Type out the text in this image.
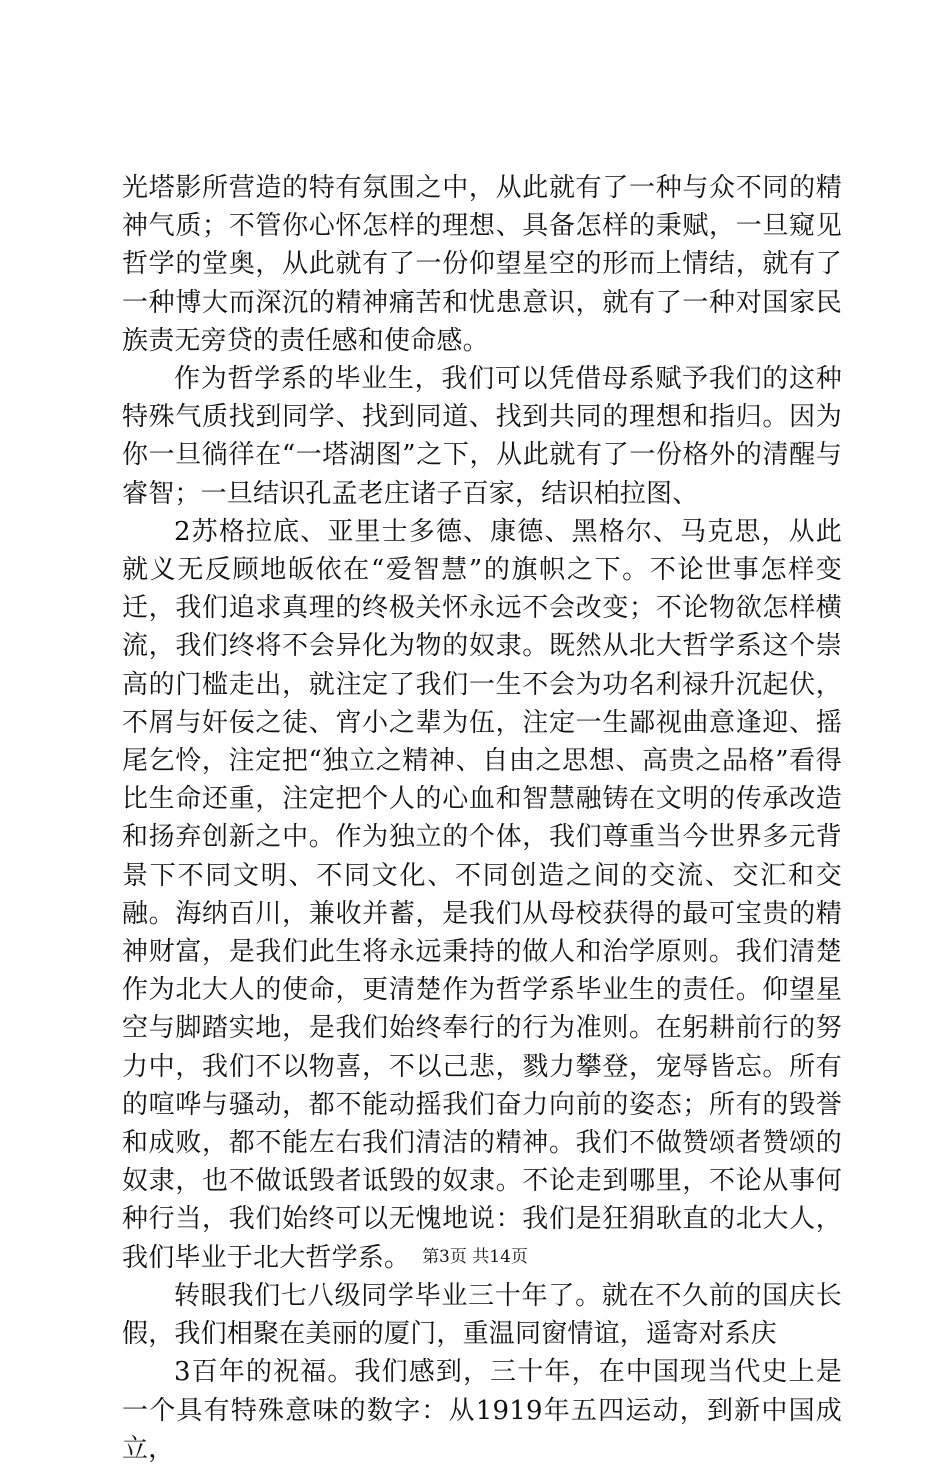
光塔影所营造的特有氛围之中，从此就有了一种与众不同的精神气质；不管你心怀怎样的理想、具备怎样的秉赋，一旦窥见哲学的堂奥，从此就有了一份仰望星空的形而上情结，就有了一种博大而深沉的精神痛苦和忧患意识，就有了一种对国家民族责无旁贷的责任感和使命感。

作为哲学系的毕业生，我们可以凭借母系赋予我们的这种特殊气质找到同学、找到同道、找到共同的理想和指归。因为你一旦徜徉在“一塔湖图”之下，从此就有了一份格外的清醒与睿智；一旦结识孔孟老庄诸子百家，结识柏拉图、

2苏格拉底、亚里士多德、康德、黑格尔、马克思，从此就义无反顾地皈依在“爱智慧”的旗帜之下。不论世事怎样变迁，我们追求真理的终极关怀永远不会改变；不论物欲怎样横流，我们终将不会异化为物的奴隶。既然从北大哲学系这个崇高的门槛走出，就注定了我们一生不会为功名利禄升沉起伏，不屑与奸佞之徒、宵小之辈为伍，注定一生鄙视曲意逢迎、摇尾乞怜，注定把“独立之精神、自由之思想、高贵之品格”看得比生命还重，注定把个人的心血和智慧融铸在文明的传承改造和扬弃创新之中。作为独立的个体，我们尊重当今世界多元背景下不同文明、不同文化、不同创造之间的交流、交汇和交融。海纳百川，兼收并蓄，是我们从母校获得的最可宝贵的精神财富，是我们此生将永远秉持的做人和治学原则。我们清楚作为北大人的使命，更清楚作为哲学系毕业生的责任。仰望星空与脚踏实地，是我们始终奉行的行为准则。在躬耕前行的努力中，我们不以物喜，不以己悲，戮力攀登，宠辱皆忘。所有的喧哗与骚动，都不能动摇我们奋力向前的姿态；所有的毁誉和成败，都不能左右我们清洁的精神。我们不做赞颂者赞颂的奴隶，也不做诋毁者诋毁的奴隶。不论走到哪里，不论从事何种行当，我们始终可以无愧地说：我们是狂狷耿直的北大人，我们毕业于北大哲学系。

转眼我们七八级同学毕业三十年了。就在不久前的国庆长假，我们相聚在美丽的厦门，重温同窗情谊，遥寄对系庆

3百年的祝福。我们感到，三十年，在中国现当代史上是一个具有特殊意味的数字：从1919年五四运动，到新中国成立，

第3页 共14页
